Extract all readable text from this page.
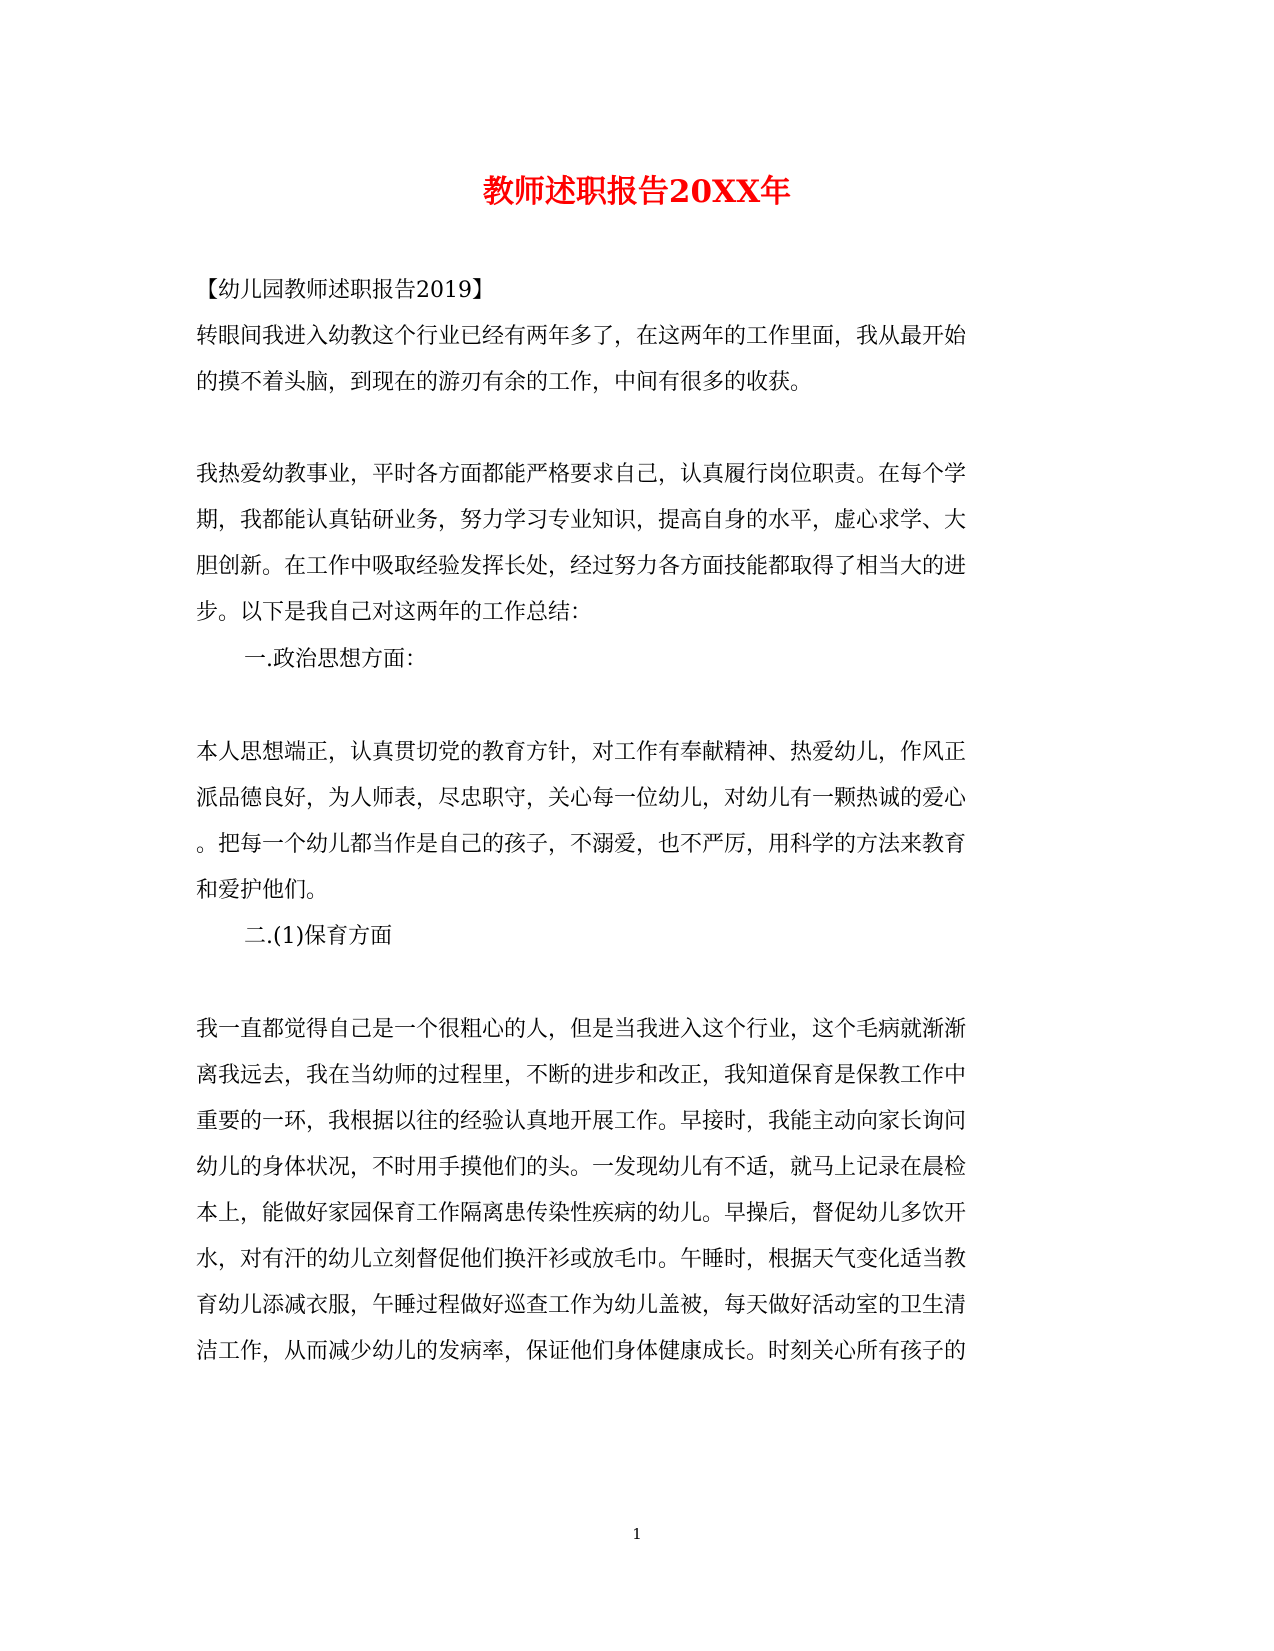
教师述职报告20XX年
【幼儿园教师述职报告2019】
转眼间我进入幼教这个行业已经有两年多了，在这两年的工作里面，我从最开始
的摸不着头脑，到现在的游刃有余的工作，中间有很多的收获。
我热爱幼教事业，平时各方面都能严格要求自己，认真履行岗位职责。在每个学
期，我都能认真钻研业务，努力学习专业知识，提高自身的水平，虚心求学、大
胆创新。在工作中吸取经验发挥长处，经过努力各方面技能都取得了相当大的进
步。以下是我自己对这两年的工作总结：
一.政治思想方面：
本人思想端正，认真贯切党的教育方针，对工作有奉献精神、热爱幼儿，作风正
派品德良好，为人师表，尽忠职守，关心每一位幼儿，对幼儿有一颗热诚的爱心
。把每一个幼儿都当作是自己的孩子，不溺爱，也不严厉，用科学的方法来教育
和爱护他们。
二.(1)保育方面
我一直都觉得自己是一个很粗心的人，但是当我进入这个行业，这个毛病就渐渐
离我远去，我在当幼师的过程里，不断的进步和改正，我知道保育是保教工作中
重要的一环，我根据以往的经验认真地开展工作。早接时，我能主动向家长询问
幼儿的身体状况，不时用手摸他们的头。一发现幼儿有不适，就马上记录在晨检
本上，能做好家园保育工作隔离患传染性疾病的幼儿。早操后，督促幼儿多饮开
水，对有汗的幼儿立刻督促他们换汗衫或放毛巾。午睡时，根据天气变化适当教
育幼儿添减衣服，午睡过程做好巡查工作为幼儿盖被，每天做好活动室的卫生清
洁工作，从而减少幼儿的发病率，保证他们身体健康成长。时刻关心所有孩子的
1
